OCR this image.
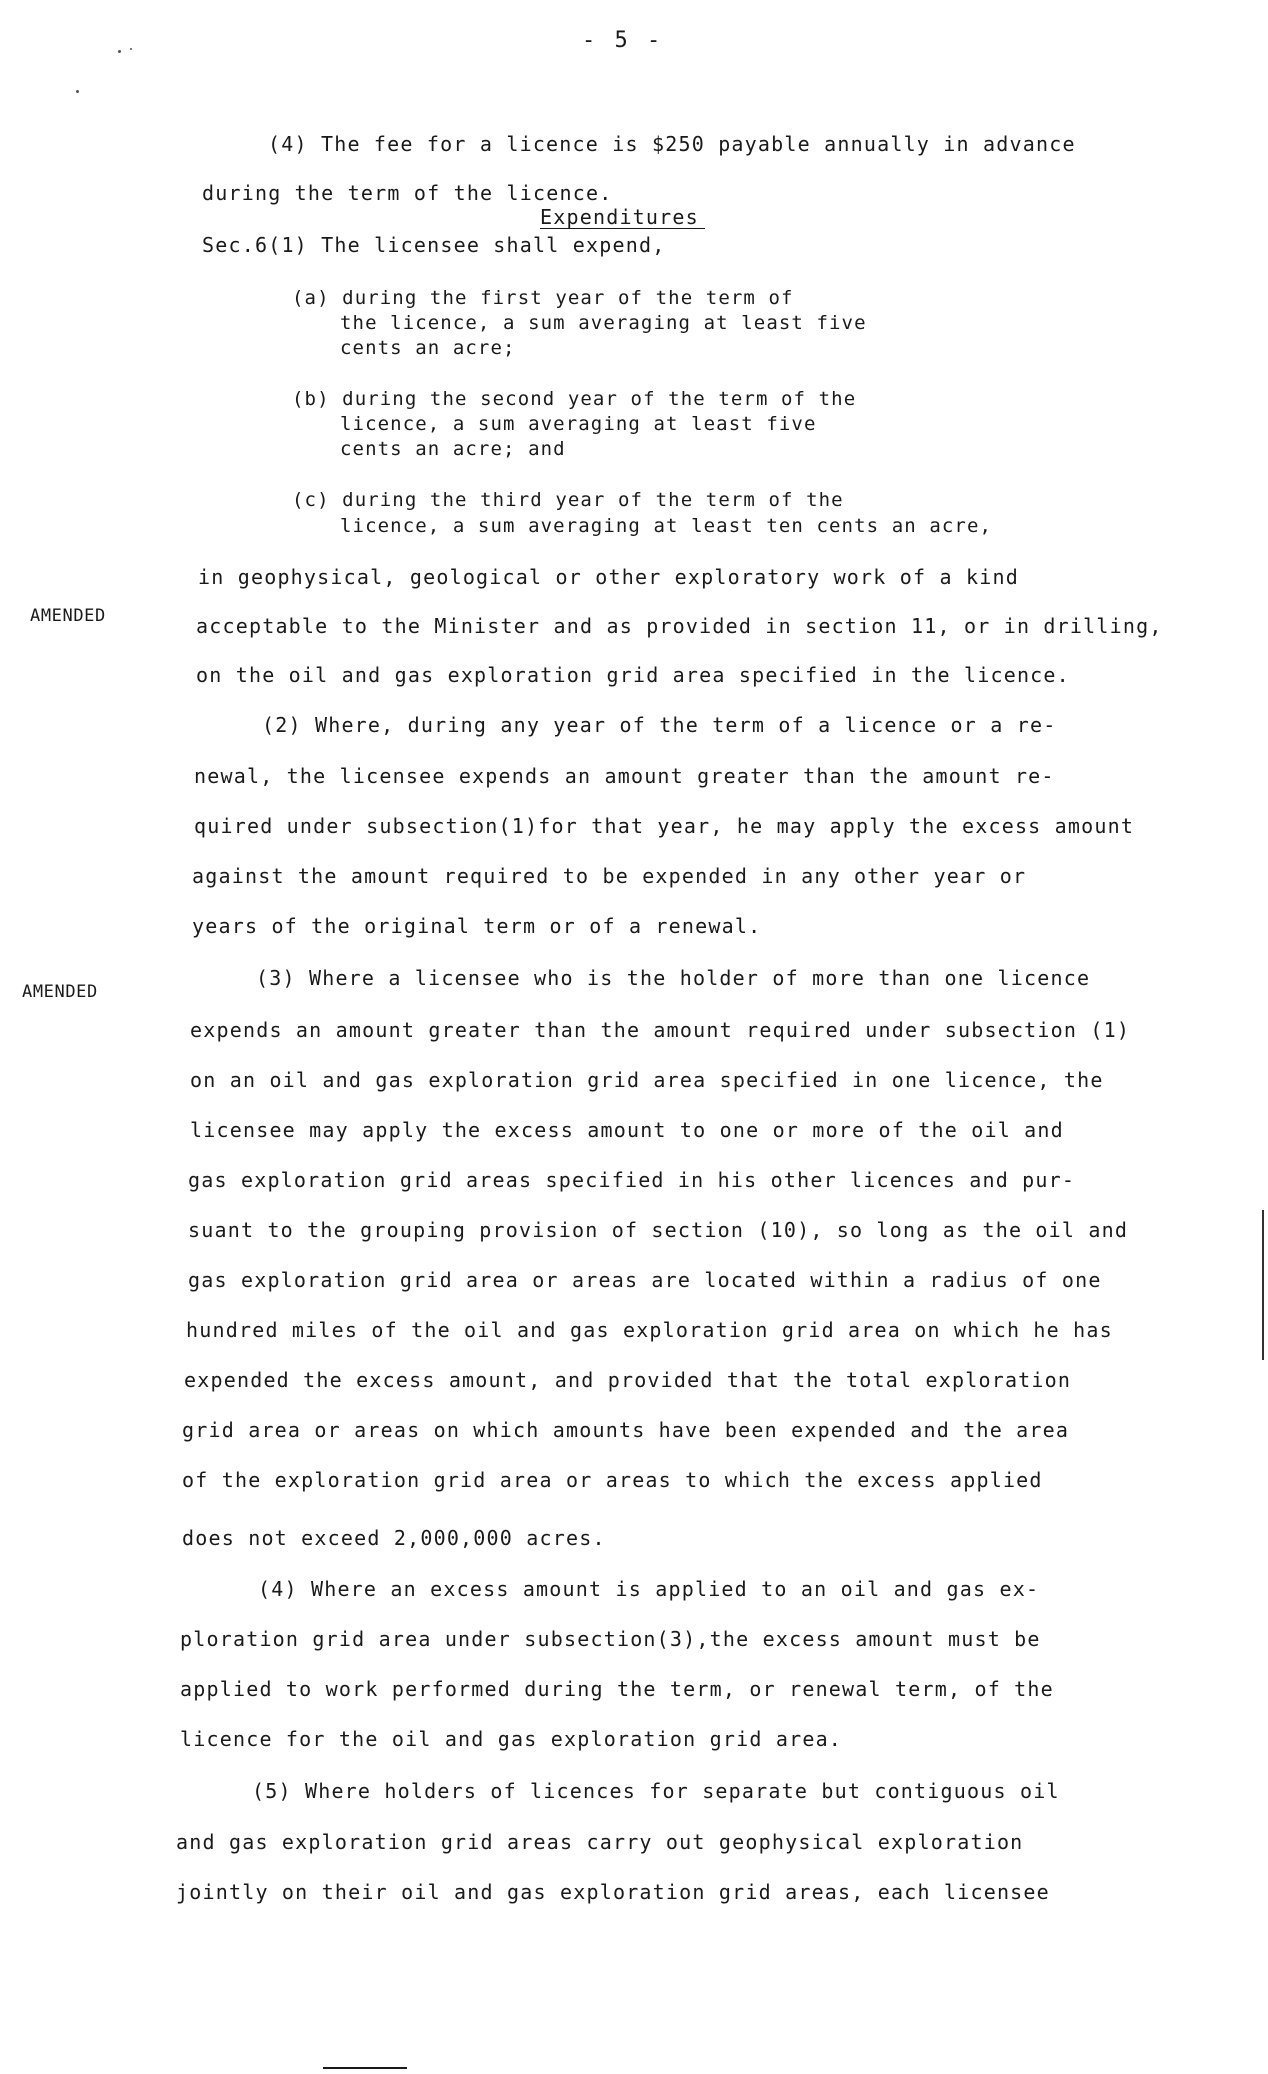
- 5 -
(4) The fee for a licence is $250 payable annually in advance
during the term of the licence.
Expenditures
Sec.6(1) The licensee shall expend,
(a) during the first year of the term of
the licence, a sum averaging at least five
cents an acre;
(b) during the second year of the term of the
licence, a sum averaging at least five
cents an acre; and
(c) during the third year of the term of the
licence, a sum averaging at least ten cents an acre,
in geophysical, geological or other exploratory work of a kind
AMENDED	acceptable to the Minister and as provided in section 11, or in drilling,
on the oil and gas exploration grid area specified in the licence.
(2) Where, during any year of the term of a licence or a re-
newal, the licensee expends an amount greater than the amount re-
quired under subsection(1)for that year, he may apply the excess amount
against the amount required to be expended in any other year or
years of the original term or of a renewal.
AMENDED
(3) Where a licensee who is the holder of more than one licence
expends an amount greater than the amount required under subsection (1)
on an oil and gas exploration grid area specified in one licence, the
licensee may apply the excess amount to one or more of the oil and
gas exploration grid areas specified in his other licences and pur-
suant to the grouping provision of section (10), so long as the oil and
gas exploration grid area or areas are located within a radius of one
hundred miles of the oil and gas exploration grid area on which he has
expended the excess amount, and provided that the total exploration
grid area or areas on which amounts have been expended and the area
of the exploration grid area or areas to which the excess applied
does not exceed 2,000,000 acres.
(4) Where an excess amount is applied to an oil and gas ex-
ploration grid area under subsection(3),the excess amount must be
applied to work performed during the term, or renewal term, of the
licence for the oil and gas exploration grid area.
(5) Where holders of licences for separate but contiguous oil
and gas exploration grid areas carry out geophysical exploration
jointly on their oil and gas exploration grid areas, each licensee
